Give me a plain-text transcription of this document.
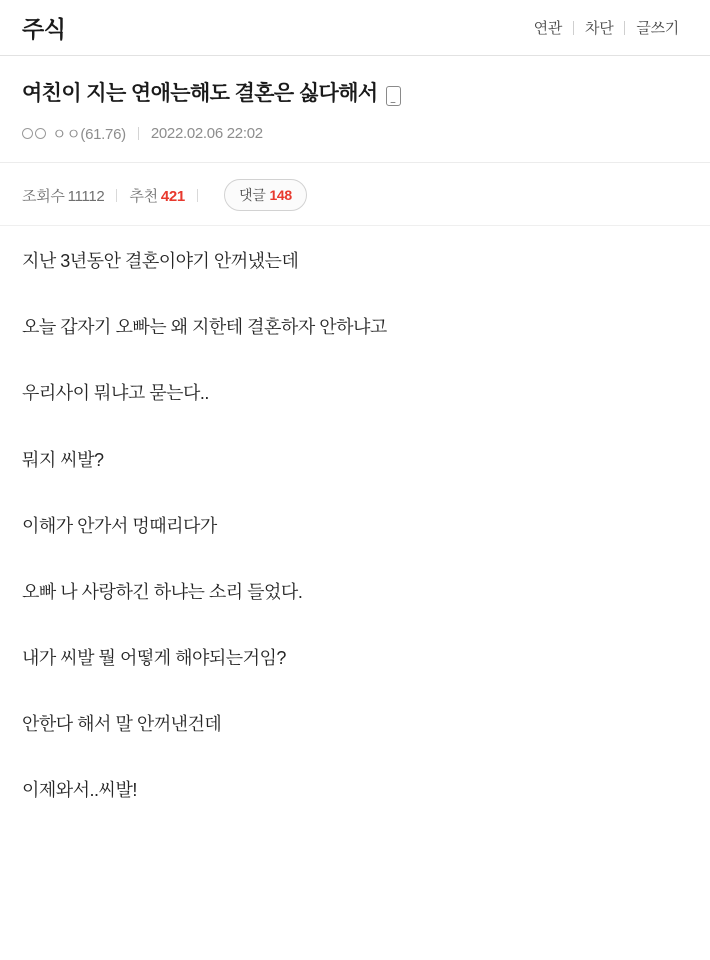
주식	연관	차단	글쓰기
여친이 지는 연애는해도 결혼은 싫다해서
ㅇㅇ(61.76) 2022.02.06 22:02
조회수 11112 추천 421	댓글 148

지난 3년동안 결혼이야기 안꺼냈는데

오늘 갑자기 오빠는 왜 지한테 결혼하자 안하냐고

우리사이 뭐냐고 묻는다..

뭐지 씨발?

이해가 안가서 멍때리다가

오빠 나 사랑하긴 하냐는 소리 들었다.

내가 씨발 뭘 어떻게 해야되는거임?

안한다 해서 말 안꺼낸건데

이제와서..씨발!
